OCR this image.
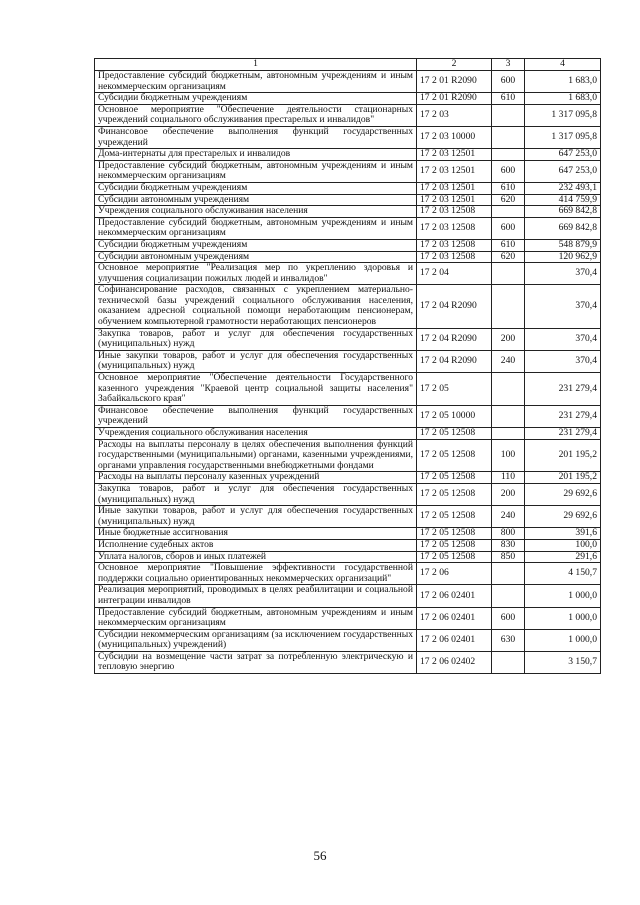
1	2	3	4
Предоставление субсидий бюджетным, автономным учреждениям и иным некоммерческим организациям	17 2 01 R2090	600	1 683,0
Субсидии бюджетным учреждениям	17 2 01 R2090	610	1 683,0
Основное мероприятие "Обеспечение деятельности стационарных учреждений социального обслуживания престарелых и инвалидов"	17 2 03		1 317 095,8
Финансовое обеспечение выполнения функций государственных учреждений	17 2 03 10000		1 317 095,8
Дома-интернаты для престарелых и инвалидов	17 2 03 12501		647 253,0
Предоставление субсидий бюджетным, автономным учреждениям и иным некоммерческим организациям	17 2 03 12501	600	647 253,0
Субсидии бюджетным учреждениям	17 2 03 12501	610	232 493,1
Субсидии автономным учреждениям	17 2 03 12501	620	414 759,9
Учреждения социального обслуживания населения	17 2 03 12508		669 842,8
Предоставление субсидий бюджетным, автономным учреждениям и иным некоммерческим организациям	17 2 03 12508	600	669 842,8
Субсидии бюджетным учреждениям	17 2 03 12508	610	548 879,9
Субсидии автономным учреждениям	17 2 03 12508	620	120 962,9
Основное мероприятие "Реализация мер по укреплению здоровья и улучшения социализации пожилых людей и инвалидов"	17 2 04		370,4
Софинансирование расходов, связанных с укреплением материально-технической базы учреждений социального обслуживания населения, оказанием адресной социальной помощи неработающим пенсионерам, обучением компьютерной грамотности неработающих пенсионеров	17 2 04 R2090		370,4
Закупка товаров, работ и услуг для обеспечения государственных (муниципальных) нужд	17 2 04 R2090	200	370,4
Иные закупки товаров, работ и услуг для обеспечения государственных (муниципальных) нужд	17 2 04 R2090	240	370,4
Основное мероприятие "Обеспечение деятельности Государственного казенного учреждения "Краевой центр социальной защиты населения" Забайкальского края"	17 2 05		231 279,4
Финансовое обеспечение выполнения функций государственных учреждений	17 2 05 10000		231 279,4
Учреждения социального обслуживания населения	17 2 05 12508		231 279,4
Расходы на выплаты персоналу в целях обеспечения выполнения функций государственными (муниципальными) органами, казенными учреждениями, органами управления государственными внебюджетными фондами	17 2 05 12508	100	201 195,2
Расходы на выплаты персоналу казенных учреждений	17 2 05 12508	110	201 195,2
Закупка товаров, работ и услуг для обеспечения государственных (муниципальных) нужд	17 2 05 12508	200	29 692,6
Иные закупки товаров, работ и услуг для обеспечения государственных (муниципальных) нужд	17 2 05 12508	240	29 692,6
Иные бюджетные ассигнования	17 2 05 12508	800	391,6
Исполнение судебных актов	17 2 05 12508	830	100,0
Уплата налогов, сборов и иных платежей	17 2 05 12508	850	291,6
Основное мероприятие "Повышение эффективности государственной поддержки социально ориентированных некоммерческих организаций"	17 2 06		4 150,7
Реализация мероприятий, проводимых в целях реабилитации и социальной интеграции инвалидов	17 2 06 02401		1 000,0
Предоставление субсидий бюджетным, автономным учреждениям и иным некоммерческим организациям	17 2 06 02401	600	1 000,0
Субсидии некоммерческим организациям (за исключением государственных (муниципальных) учреждений)	17 2 06 02401	630	1 000,0
Субсидии на возмещение части затрат за потребленную электрическую и тепловую энергию	17 2 06 02402		3 150,7
56
